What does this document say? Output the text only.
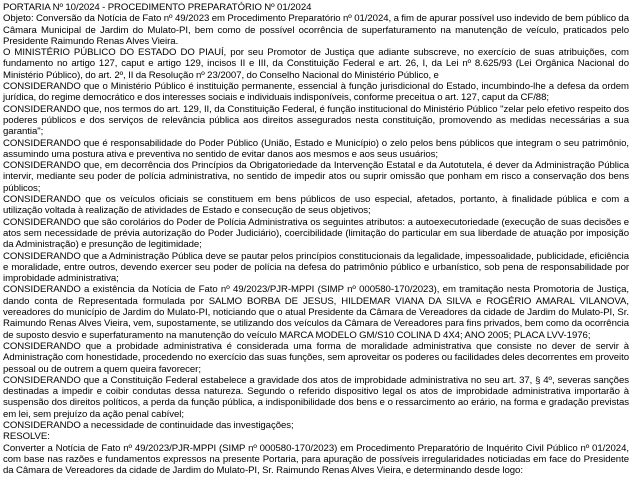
PORTARIA Nº 10/2024 - PROCEDIMENTO PREPARATÓRIO Nº 01/2024

Objeto: Conversão da Notícia de Fato nº 49/2023 em Procedimento Preparatório nº 01/2024, a fim de apurar possível uso indevido de bem público da Câmara Municipal de Jardim do Mulato-PI, bem como de possível ocorrência de superfaturamento na manutenção de veículo, praticados pelo Presidente Raimundo Renas Alves Vieira.

O MINISTÉRIO PÚBLICO DO ESTADO DO PIAUÍ, por seu Promotor de Justiça que adiante subscreve, no exercício de suas atribuições, com fundamento no artigo 127, caput e artigo 129, incisos II e III, da Constituição Federal e art. 26, I, da Lei nº 8.625/93 (Lei Orgânica Nacional do Ministério Público), do art. 2º, II da Resolução nº 23/2007, do Conselho Nacional do Ministério Público, e

CONSIDERANDO que o Ministério Público é instituição permanente, essencial à função jurisdicional do Estado, incumbindo-lhe a defesa da ordem jurídica, do regime democrático e dos interesses sociais e individuais indisponíveis, conforme preceitua o art. 127, caput da CF/88;

CONSIDERANDO que, nos termos do art. 129, II, da Constituição Federal, é função institucional do Ministério Público "zelar pelo efetivo respeito dos poderes públicos e dos serviços de relevância pública aos direitos assegurados nesta constituição, promovendo as medidas necessárias a sua garantia";

CONSIDERANDO que é responsabilidade do Poder Público (União, Estado e Município) o zelo pelos bens públicos que integram o seu patrimônio, assumindo uma postura ativa e preventiva no sentido de evitar danos aos mesmos e aos seus usuários;

CONSIDERANDO que, em decorrência dos Princípios da Obrigatoriedade da Intervenção Estatal e da Autotutela, é dever da Administração Pública intervir, mediante seu poder de polícia administrativa, no sentido de impedir atos ou suprir omissão que ponham em risco a conservação dos bens públicos;

CONSIDERANDO que os veículos oficiais se constituem em bens públicos de uso especial, afetados, portanto, à finalidade pública e com a utilização voltada à realização de atividades de Estado e consecução de seus objetivos;

CONSIDERANDO que são corolários do Poder de Polícia Administrativa os seguintes atributos: a autoexecutoriedade (execução de suas decisões e atos sem necessidade de prévia autorização do Poder Judiciário), coercibilidade (limitação do particular em sua liberdade de atuação por imposição da Administração) e presunção de legitimidade;

CONSIDERANDO que a Administração Pública deve se pautar pelos princípios constitucionais da legalidade, impessoalidade, publicidade, eficiência e moralidade, entre outros, devendo exercer seu poder de polícia na defesa do patrimônio público e urbanístico, sob pena de responsabilidade por improbidade administrativa;

CONSIDERANDO a existência da Notícia de Fato nº 49/2023/PJR-MPPI (SIMP nº 000580-170/2023), em tramitação nesta Promotoria de Justiça, dando conta de Representada formulada por SALMO BORBA DE JESUS, HILDEMAR VIANA DA SILVA e ROGÉRIO AMARAL VILANOVA, vereadores do município de Jardim do Mulato-PI, noticiando que o atual Presidente da Câmara de Vereadores da cidade de Jardim do Mulato-PI, Sr. Raimundo Renas Alves Vieira, vem, supostamente, se utilizando dos veículos da Câmara de Vereadores para fins privados, bem como da ocorrência de suposto desvio e superfaturamento na manutenção do veículo MARCA MODELO GM/S10 COLINA D 4X4; ANO 2005; PLACA LVV-1976;

CONSIDERANDO que a probidade administrativa é considerada uma forma de moralidade administrativa que consiste no dever de servir à Administração com honestidade, procedendo no exercício das suas funções, sem aproveitar os poderes ou facilidades deles decorrentes em proveito pessoal ou de outrem a quem queira favorecer;

CONSIDERANDO que a Constituição Federal estabelece a gravidade dos atos de improbidade administrativa no seu art. 37, § 4º, severas sanções destinadas a impedir e coibir condutas dessa natureza. Segundo o referido dispositivo legal os atos de improbidade administrativa importarão à suspensão dos direitos políticos, a perda da função pública, a indisponibilidade dos bens e o ressarcimento ao erário, na forma e gradação previstas em lei, sem prejuízo da ação penal cabível;

CONSIDERANDO a necessidade de continuidade das investigações;

RESOLVE:

Converter a Notícia de Fato nº 49/2023/PJR-MPPI (SIMP nº 000580-170/2023) em Procedimento Preparatório de Inquérito Civil Público nº 01/2024, com base nas razões e fundamentos expressos na presente Portaria, para apuração de possíveis irregularidades noticiadas em face do Presidente da Câmara de Vereadores da cidade de Jardim do Mulato-PI, Sr. Raimundo Renas Alves Vieira, e determinando desde logo:
